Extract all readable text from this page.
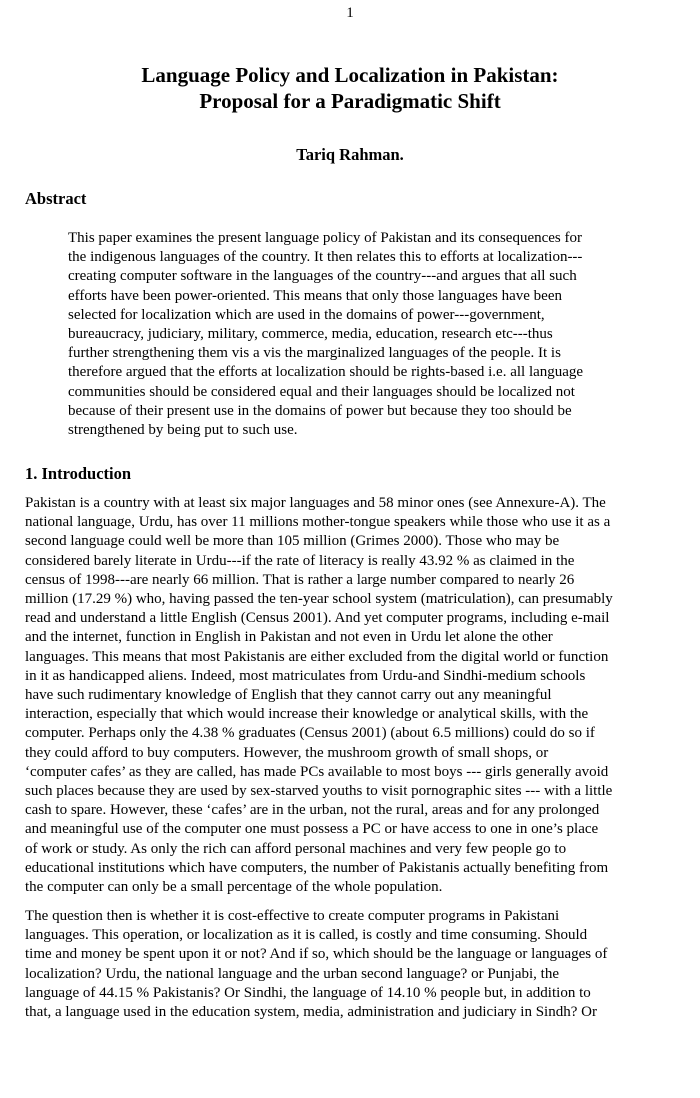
1
Language Policy and Localization in Pakistan:
Proposal for a Paradigmatic Shift
Tariq Rahman.
Abstract
This paper examines the present language policy of Pakistan and its consequences for
the indigenous languages of the country. It then relates this to efforts at localization---
creating computer software in the languages of the country---and argues that all such
efforts have been power-oriented. This means that only those languages have been
selected for localization which are used in the domains of power---government,
bureaucracy, judiciary, military, commerce, media, education, research etc---thus
further strengthening them vis a vis the marginalized languages of the people. It is
therefore argued that the efforts at localization should be rights-based i.e. all language
communities should be considered equal and their languages should be localized not
because of their present use in the domains of power but because they too should be
strengthened by being put to such use.
1. Introduction
Pakistan is a country with at least six major languages and 58 minor ones (see Annexure-A). The
national language, Urdu, has over 11 millions mother-tongue speakers while those who use it as a
second language could well be more than 105 million (Grimes 2000). Those who may be
considered barely literate in Urdu---if the rate of literacy is really 43.92 % as claimed in the
census of 1998---are nearly 66 million. That is rather a large number compared to nearly 26
million (17.29 %) who, having passed the ten-year school system (matriculation), can presumably
read and understand a little English (Census 2001). And yet computer programs, including e-mail
and the internet, function in English in Pakistan and not even in Urdu let alone the other
languages. This means that most Pakistanis are either excluded from the digital world or function
in it as handicapped aliens. Indeed, most matriculates from Urdu-and Sindhi-medium schools
have such rudimentary knowledge of English that they cannot carry out any meaningful
interaction, especially that which would increase their knowledge or analytical skills, with the
computer. Perhaps only the 4.38 % graduates (Census 2001) (about 6.5 millions) could do so if
they could afford to buy computers. However, the mushroom growth of small shops, or
‘computer cafes’ as they are called, has made PCs available to most boys --- girls generally avoid
such places because they are used by sex-starved youths to visit pornographic sites --- with a little
cash to spare. However, these ‘cafes’ are in the urban, not the rural, areas and for any prolonged
and meaningful use of the computer one must possess a PC or have access to one in one’s place
of work or study. As only the rich can afford personal machines and very few people go to
educational institutions which have computers, the number of Pakistanis actually benefiting from
the computer can only be a small percentage of the whole population.
The question then is whether it is cost-effective to create computer programs in Pakistani
languages. This operation, or localization as it is called, is costly and time consuming. Should
time and money be spent upon it or not? And if so, which should be the language or languages of
localization? Urdu, the national language and the urban second language? or Punjabi, the
language of 44.15 % Pakistanis? Or Sindhi, the language of 14.10 % people but, in addition to
that, a language used in the education system, media, administration and judiciary in Sindh? Or
